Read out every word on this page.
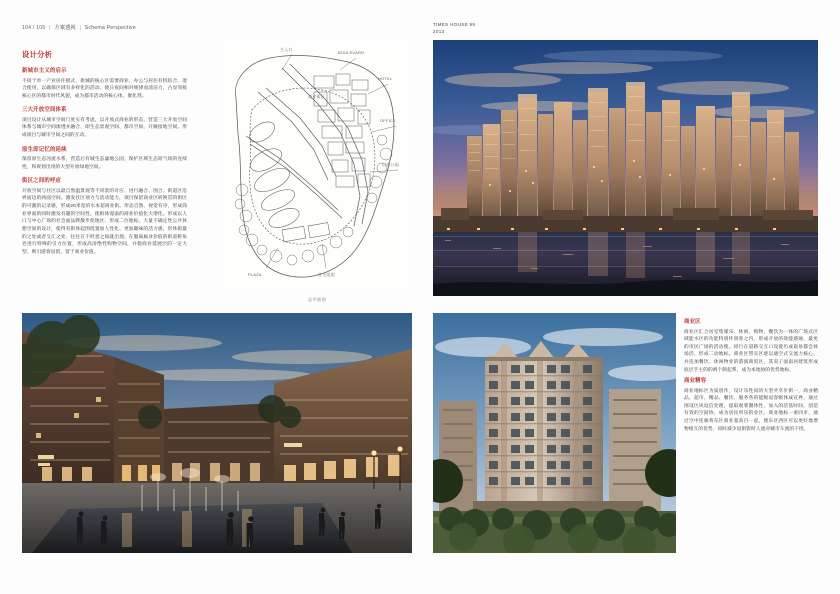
104 / 105 | 方案透视 | Schema Perspective
TIMES HOUSE 99
2013
设计分析
新城市主义的启示

不同于单一产业居住模式，新城的核心区需要商业、办公与居住有机结合、混合使用，以确保区域有多样化的活动。使日夜间相对规律而清洁力，凸显邻接核心区的都市时代风貌，成为都市活动的核心体、催化剂。

三大开放空间体系

项目设计从城市空间尺度实有考虑，以开放式商业的形态，营造三大开放空间体系与城市空间渗透并融合，即生态景观空间、都市空间、开敞接地空间。形成项目与城市空间之间的互动。

原生即记忆的延续

保留原生态河流水系，营造后有城生态滤地公园，保护区域生态原气场的连续性，和规划出用的大型开放绿地空间。

街区之间的呼应

开放空间与社区以最自然温景观等不同景的对应、进行融合、围合。街道区沿界面边的两面空间。激发社区项力与活动能力，项目保留商业区转换贯的街区的可激的记录感，形成20米宽的水本超商业街。形态自然、视觉有序，形成商业界面的同时激发有趣的空间性。使街体漫溢的商业价值化大增化。形成以人口与中心广场的社会面品牌散步促地区、形成二位地标。大量不确定性公共休憩空间的设计，使得有街体起围绕置加人性化。更加趣味的活力感，形体街最的之处或者交汇之处、往往在不经意之间就出现。在服离属业价值的街道桥角处进行特殊的引力位置，形成高清绝性购物空间，并使商业延展层的一定大型、吸引游客逗留，留于商业价值。

主入口
BOULEVARD
HOTEL
OFFICE
山体公园
PLAZA	住宅组团
商业街区
总平面图
商业区

商业区汇合居室集媒乐、休闲、购物、餐饮为一体的广场式区域能水区的功能特别怀别客之内，形成开放的效能感通，最免的市民广场的活动使。同行在道路交互口设置历成取易都会休场活，形成二动地标。商业区带实区逐以通空式交流力核心，并连加餐饮、休闲物业的游演商贸区，其双子面南居建筑形成底层手主的的两个制起系，成为本地协的优势地标。

商业精容

商业地标区为质创作，设计乐性同的大型共享步街一，商业精品，超市、精品、餐饮、服务各的能级逗客级体成宣界，通过围设区风逗信处理，提取观菜圈体性，加入的活基时间，创造有效的空间协，成为居民所乐的业区。商业地标一重同市，通过空中连廊将东区商业超高百一起，使乐区西区可以更好地增物相互的优势，同时减少逗街影时人流对城市车流的干扰。
